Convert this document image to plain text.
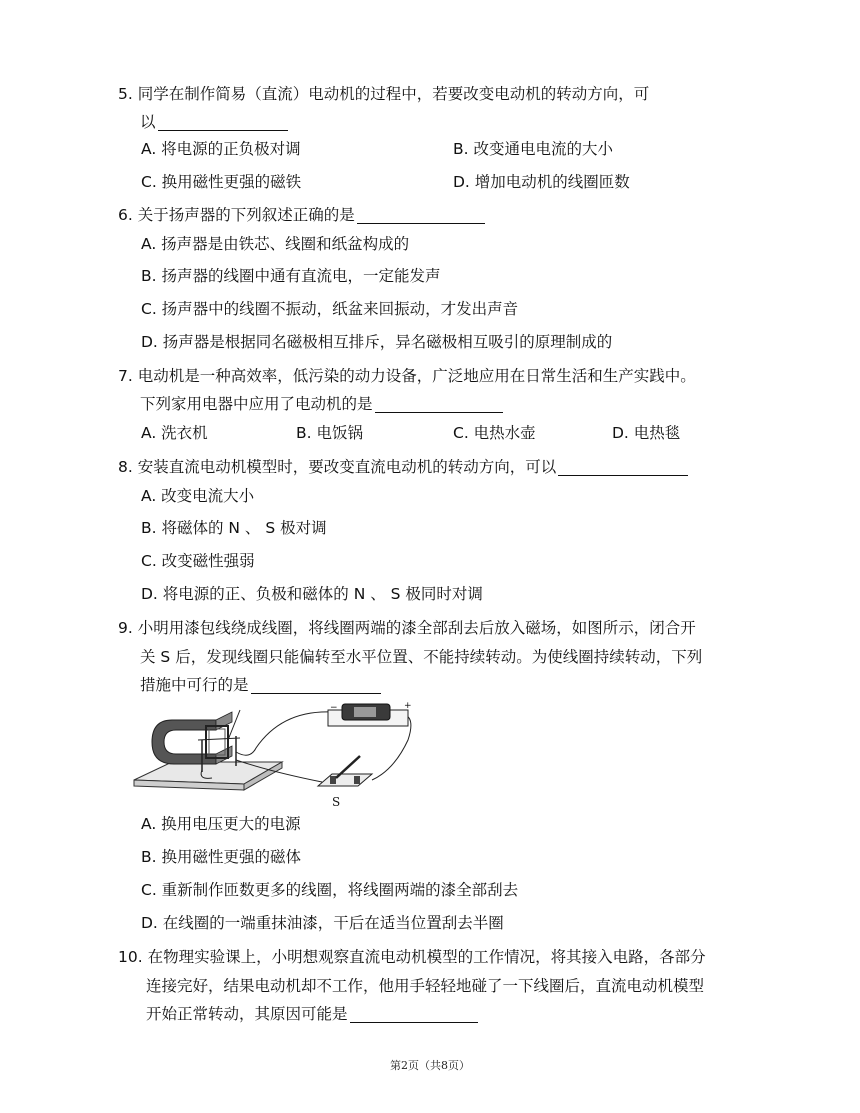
5. 同学在制作简易（直流）电动机的过程中，若要改变电动机的转动方向，可
以
A. 将电源的正负极对调	B. 改变通电电流的大小
C. 换用磁性更强的磁铁	D. 增加电动机的线圈匝数
6. 关于扬声器的下列叙述正确的是
A. 扬声器是由铁芯、线圈和纸盆构成的
B. 扬声器的线圈中通有直流电，一定能发声
C. 扬声器中的线圈不振动，纸盆来回振动，才发出声音
D. 扬声器是根据同名磁极相互排斥，异名磁极相互吸引的原理制成的
7. 电动机是一种高效率，低污染的动力设备，广泛地应用在日常生活和生产实践中。
下列家用电器中应用了电动机的是
A. 洗衣机	B. 电饭锅	C. 电热水壶	D. 电热毯
8. 安装直流电动机模型时，要改变直流电动机的转动方向，可以
A. 改变电流大小
B. 将磁体的 N 、 S 极对调
C. 改变磁性强弱
D. 将电源的正、负极和磁体的 N 、 S 极同时对调
9. 小明用漆包线绕成线圈，将线圈两端的漆全部刮去后放入磁场，如图所示，闭合开
关 S 后，发现线圈只能偏转至水平位置、不能持续转动。为使线圈持续转动，下列
措施中可行的是
−	+
S
A. 换用电压更大的电源
B. 换用磁性更强的磁体
C. 重新制作匝数更多的线圈，将线圈两端的漆全部刮去
D. 在线圈的一端重抹油漆，干后在适当位置刮去半圈
10. 在物理实验课上，小明想观察直流电动机模型的工作情况，将其接入电路，各部分
连接完好，结果电动机却不工作，他用手轻轻地碰了一下线圈后，直流电动机模型
开始正常转动，其原因可能是
第2页（共8页）
